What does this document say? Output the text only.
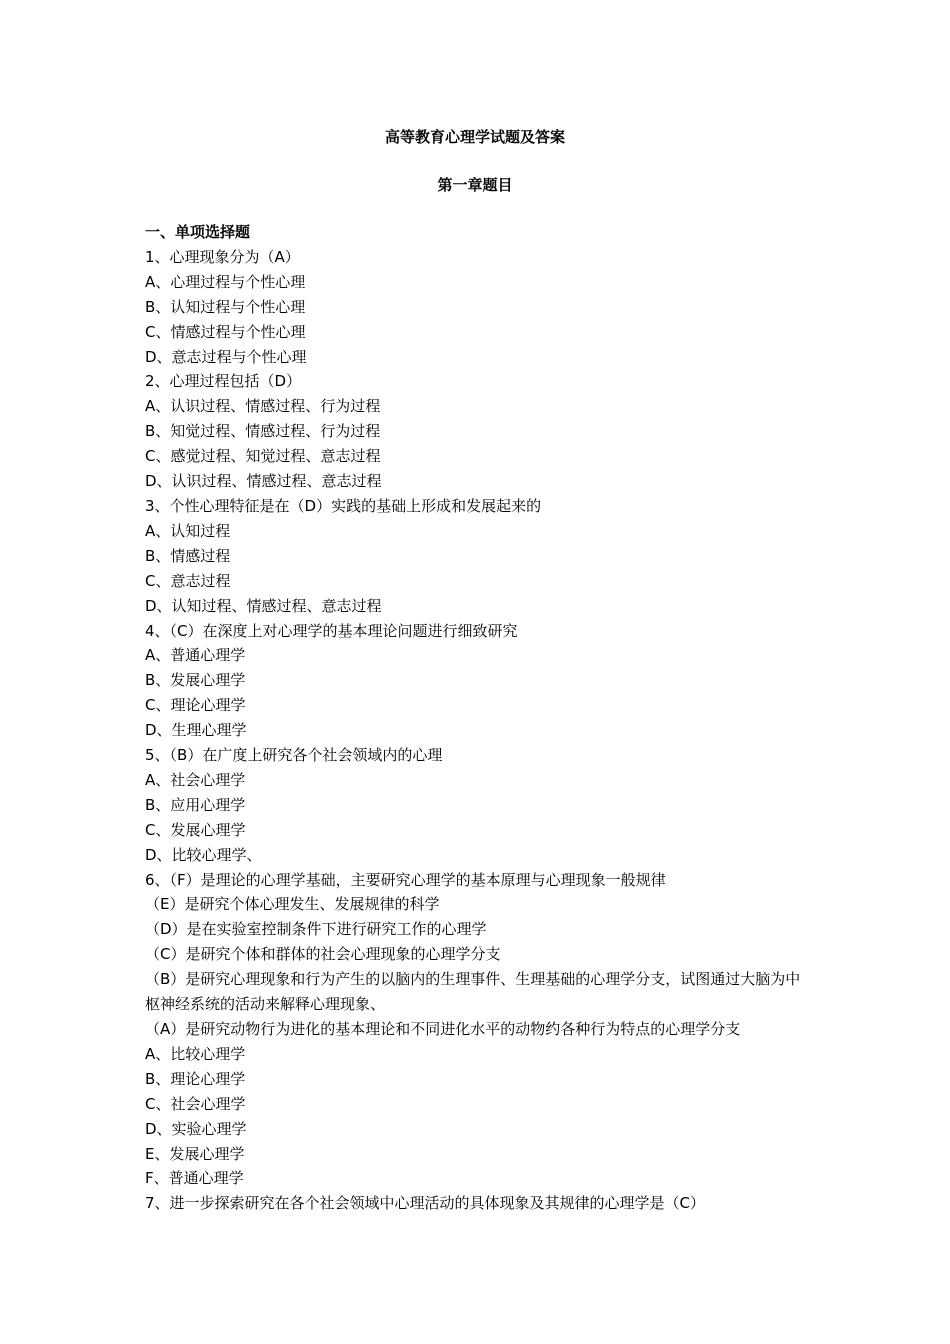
高等教育心理学试题及答案
第一章题目
一、单项选择题
1、心理现象分为（A）
A、心理过程与个性心理
B、认知过程与个性心理
C、情感过程与个性心理
D、意志过程与个性心理
2、心理过程包括（D）
A、认识过程、情感过程、行为过程
B、知觉过程、情感过程、行为过程
C、感觉过程、知觉过程、意志过程
D、认识过程、情感过程、意志过程
3、个性心理特征是在（D）实践的基础上形成和发展起来的
A、认知过程
B、情感过程
C、意志过程
D、认知过程、情感过程、意志过程
4、（C）在深度上对心理学的基本理论问题进行细致研究
A、普通心理学
B、发展心理学
C、理论心理学
D、生理心理学
5、（B）在广度上研究各个社会领域内的心理
A、社会心理学
B、应用心理学
C、发展心理学
D、比较心理学、
6、（F）是理论的心理学基础，主要研究心理学的基本原理与心理现象一般规律
（E）是研究个体心理发生、发展规律的科学
（D）是在实验室控制条件下进行研究工作的心理学
（C）是研究个体和群体的社会心理现象的心理学分支
（B）是研究心理现象和行为产生的以脑内的生理事件、生理基础的心理学分支，试图通过大脑为中枢神经系统的活动来解释心理现象、
（A）是研究动物行为进化的基本理论和不同进化水平的动物约各种行为特点的心理学分支
A、比较心理学
B、理论心理学
C、社会心理学
D、实验心理学
E、发展心理学
F、普通心理学
7、进一步探索研究在各个社会领域中心理活动的具体现象及其规律的心理学是（C）
